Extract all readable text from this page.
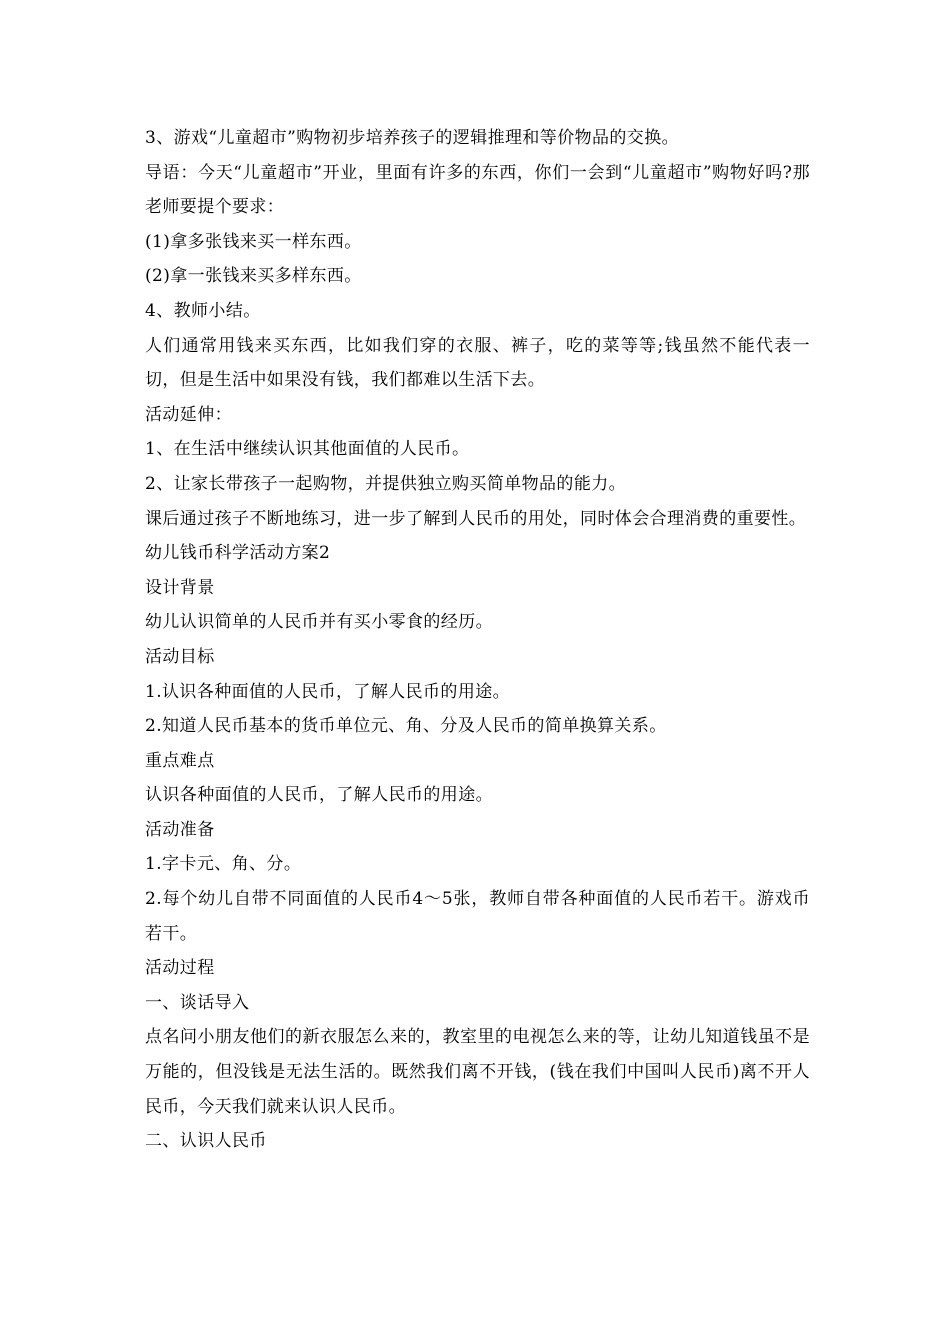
3、游戏“儿童超市”购物初步培养孩子的逻辑推理和等价物品的交换。

导语：今天“儿童超市”开业，里面有许多的东西，你们一会到“儿童超市”购物好吗?那老师要提个要求：

(1)拿多张钱来买一样东西。

(2)拿一张钱来买多样东西。

4、教师小结。

人们通常用钱来买东西，比如我们穿的衣服、裤子，吃的菜等等;钱虽然不能代表一切，但是生活中如果没有钱，我们都难以生活下去。

活动延伸：

1、在生活中继续认识其他面值的人民币。

2、让家长带孩子一起购物，并提供独立购买简单物品的能力。

课后通过孩子不断地练习，进一步了解到人民币的用处，同时体会合理消费的重要性。

幼儿钱币科学活动方案2

设计背景

幼儿认识简单的人民币并有买小零食的经历。

活动目标

1.认识各种面值的人民币，了解人民币的用途。

2.知道人民币基本的货币单位元、角、分及人民币的简单换算关系。

重点难点

认识各种面值的人民币，了解人民币的用途。

活动准备

1.字卡元、角、分。

2.每个幼儿自带不同面值的人民币4～5张，教师自带各种面值的人民币若干。游戏币若干。

活动过程

一、谈话导入

点名问小朋友他们的新衣服怎么来的，教室里的电视怎么来的等，让幼儿知道钱虽不是万能的，但没钱是无法生活的。既然我们离不开钱，(钱在我们中国叫人民币)离不开人民币，今天我们就来认识人民币。

二、认识人民币
